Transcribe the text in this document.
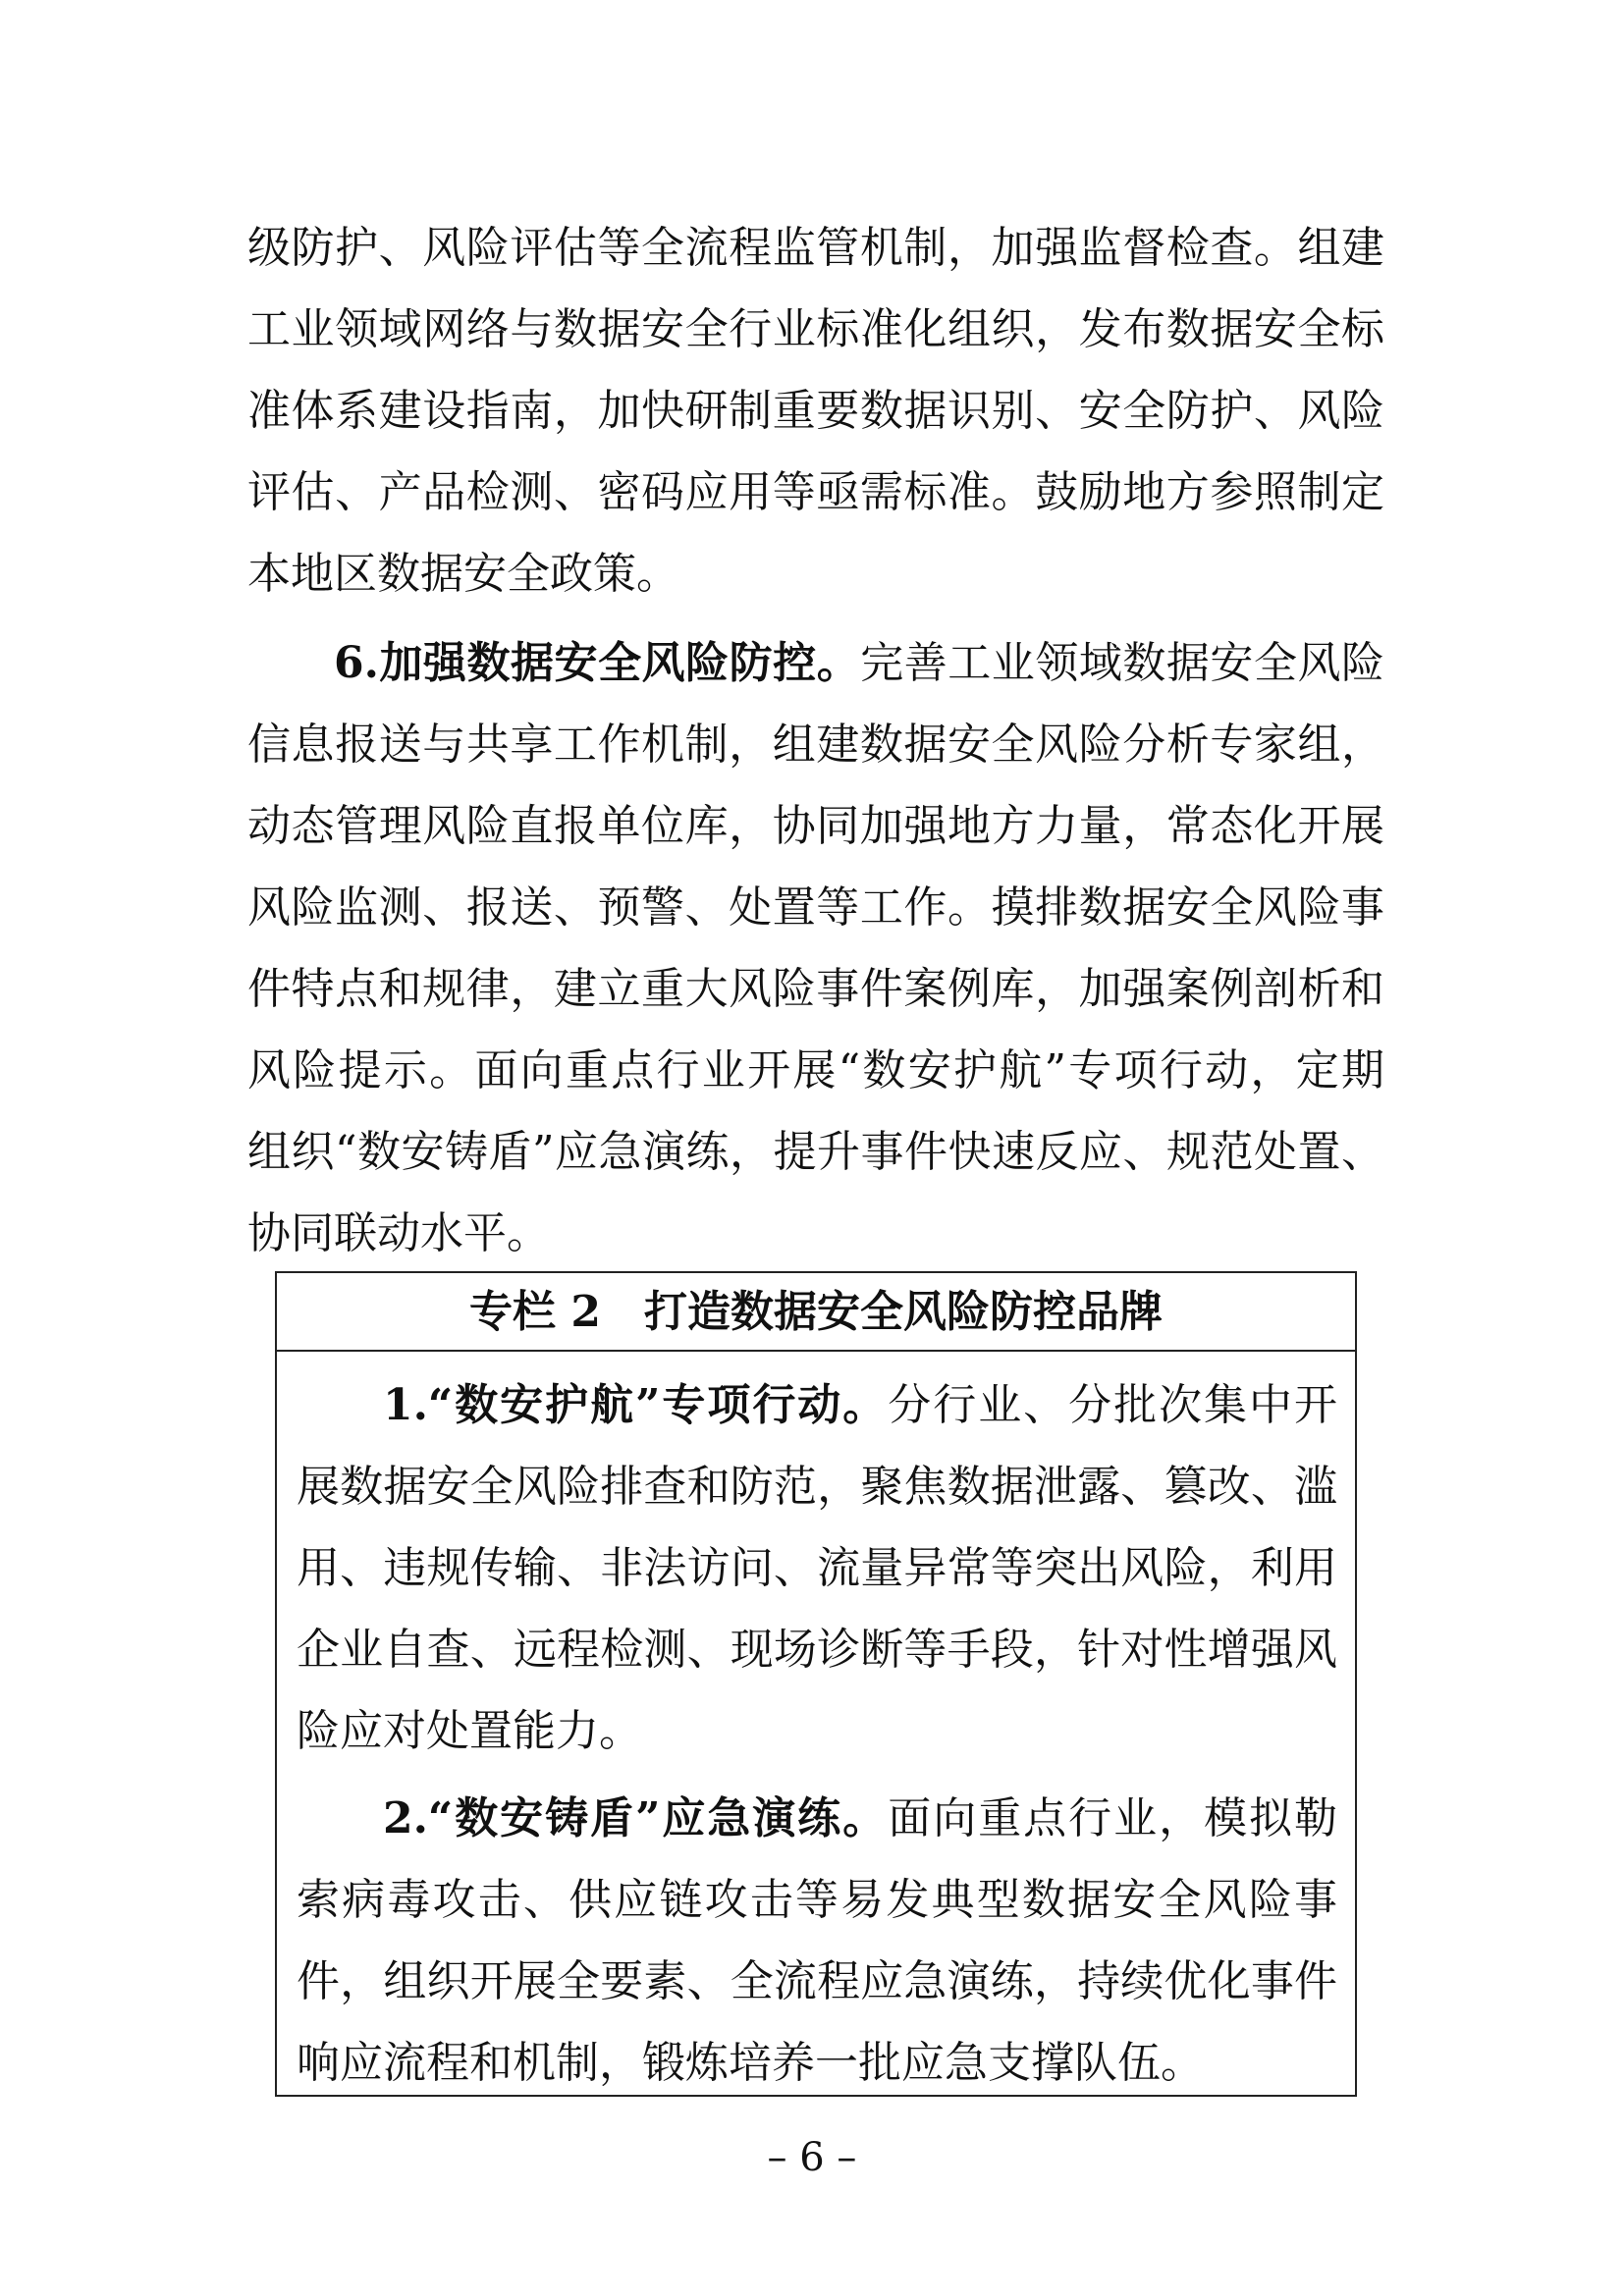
级防护、风险评估等全流程监管机制，加强监督检查。组建
工业领域网络与数据安全行业标准化组织，发布数据安全标
准体系建设指南，加快研制重要数据识别、安全防护、风险
评估、产品检测、密码应用等亟需标准。鼓励地方参照制定
本地区数据安全政策。
6.加强数据安全风险防控。完善工业领域数据安全风险
信息报送与共享工作机制，组建数据安全风险分析专家组，
动态管理风险直报单位库，协同加强地方力量，常态化开展
风险监测、报送、预警、处置等工作。摸排数据安全风险事
件特点和规律，建立重大风险事件案例库，加强案例剖析和
风险提示。面向重点行业开展“数安护航”专项行动，定期
组织“数安铸盾”应急演练，提升事件快速反应、规范处置、
协同联动水平。
专栏 2　打造数据安全风险防控品牌
1.“数安护航”专项行动。分行业、分批次集中开
展数据安全风险排查和防范，聚焦数据泄露、篡改、滥
用、违规传输、非法访问、流量异常等突出风险，利用
企业自查、远程检测、现场诊断等手段，针对性增强风
险应对处置能力。
2.“数安铸盾”应急演练。面向重点行业，模拟勒
索病毒攻击、供应链攻击等易发典型数据安全风险事
件，组织开展全要素、全流程应急演练，持续优化事件
响应流程和机制，锻炼培养一批应急支撑队伍。
– 6 –
